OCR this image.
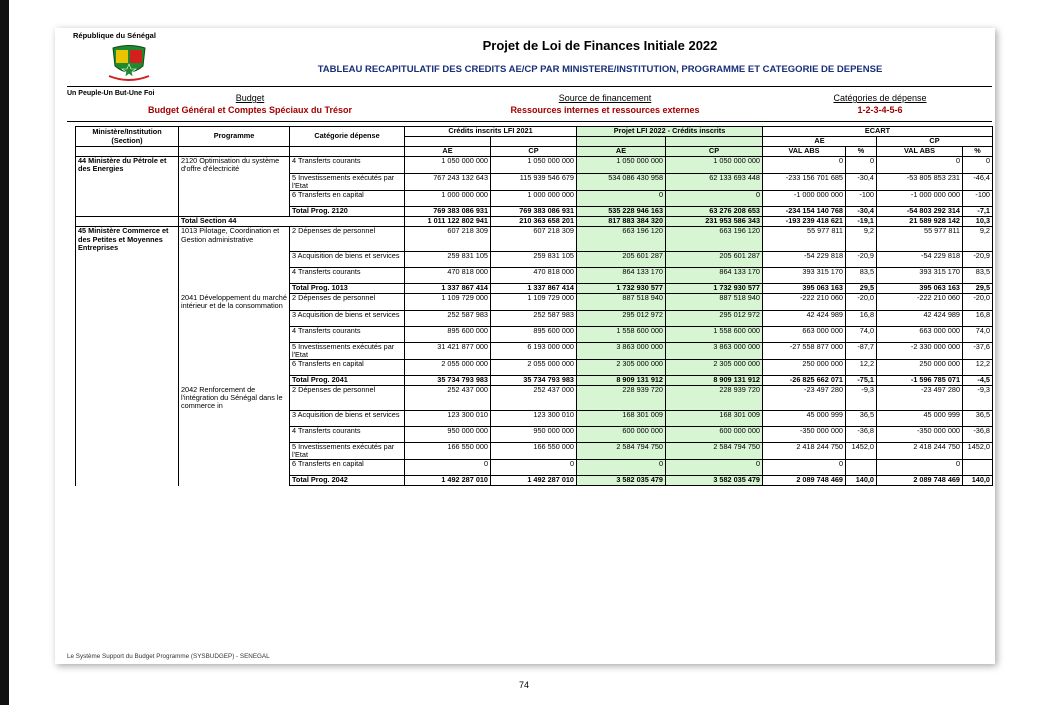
République du Sénégal
Un Peuple-Un But-Une Foi
Projet de Loi de Finances Initiale 2022
TABLEAU RECAPITULATIF DES CREDITS AE/CP PAR MINISTERE/INSTITUTION, PROGRAMME ET CATEGORIE DE DEPENSE
Budget
Budget Général et Comptes Spéciaux du Trésor
Source de financement
Ressources internes et ressources externes
Catégories de dépense
1-2-3-4-5-6
Ministère/Institution (Section)	Programme	Catégorie dépense	Crédits inscrits LFI 2021		Projet LFI 2022 - Crédits inscrits		ECART			
							AE		CP	
			AE	CP	AE	CP	VAL ABS	%	VAL ABS	%
44 Ministère du Pétrole et des Energies	2120 Optimisation du système d'offre d'électricité	4 Transferts courants	1 050 000 000	1 050 000 000	1 050 000 000	1 050 000 000	0	0	0	0
		5 Investissements exécutés par l'Etat	767 243 132 643	115 939 546 679	534 086 430 958	62 133 693 448	-233 156 701 685	-30,4	-53 805 853 231	-46,4
		6 Transferts en capital	1 000 000 000	1 000 000 000	0	0	-1 000 000 000	-100	-1 000 000 000	-100
		Total Prog. 2120	769 383 086 931	769 383 086 931	535 228 946 163	63 276 208 653	-234 154 140 768	-30,4	-54 803 292 314	-7,1
	Total Section 44		1 011 122 802 941	210 363 658 201	817 883 384 320	231 953 586 343	-193 239 418 621	-19,1	21 589 928 142	10,3
45 Ministère Commerce et des Petites et Moyennes Entreprises	1013 Pilotage, Coordination et Gestion administrative	2 Dépenses de personnel	607 218 309	607 218 309	663 196 120	663 196 120	55 977 811	9,2	55 977 811	9,2
		3 Acquisition de biens et services	259 831 105	259 831 105	205 601 287	205 601 287	-54 229 818	-20,9	-54 229 818	-20,9
		4 Transferts courants	470 818 000	470 818 000	864 133 170	864 133 170	393 315 170	83,5	393 315 170	83,5
		Total Prog. 1013	1 337 867 414	1 337 867 414	1 732 930 577	1 732 930 577	395 063 163	29,5	395 063 163	29,5
	2041 Développement du marché intérieur et de la consommation	2 Dépenses de personnel	1 109 729 000	1 109 729 000	887 518 940	887 518 940	-222 210 060	-20,0	-222 210 060	-20,0
		3 Acquisition de biens et services	252 587 983	252 587 983	295 012 972	295 012 972	42 424 989	16,8	42 424 989	16,8
		4 Transferts courants	895 600 000	895 600 000	1 558 600 000	1 558 600 000	663 000 000	74,0	663 000 000	74,0
		5 Investissements exécutés par l'Etat	31 421 877 000	6 193 000 000	3 863 000 000	3 863 000 000	-27 558 877 000	-87,7	-2 330 000 000	-37,6
		6 Transferts en capital	2 055 000 000	2 055 000 000	2 305 000 000	2 305 000 000	250 000 000	12,2	250 000 000	12,2
		Total Prog. 2041	35 734 793 983	35 734 793 983	8 909 131 912	8 909 131 912	-26 825 662 071	-75,1	-1 596 785 071	-4,5
	2042 Renforcement de l'intégration du Sénégal dans le commerce in	2 Dépenses de personnel	252 437 000	252 437 000	228 939 720	228 939 720	-23 497 280	-9,3	-23 497 280	-9,3
		3 Acquisition de biens et services	123 300 010	123 300 010	168 301 009	168 301 009	45 000 999	36,5	45 000 999	36,5
		4 Transferts courants	950 000 000	950 000 000	600 000 000	600 000 000	-350 000 000	-36,8	-350 000 000	-36,8
		5 Investissements exécutés par l'Etat	166 550 000	166 550 000	2 584 794 750	2 584 794 750	2 418 244 750	1452,0	2 418 244 750	1452,0
		6 Transferts en capital	0	0	0	0	0		0	
		Total Prog. 2042	1 492 287 010	1 492 287 010	3 582 035 479	3 582 035 479	2 089 748 469	140,0	2 089 748 469	140,0
Le Système Support du Budget Programme (SYSBUDGEP) - SENEGAL
74
